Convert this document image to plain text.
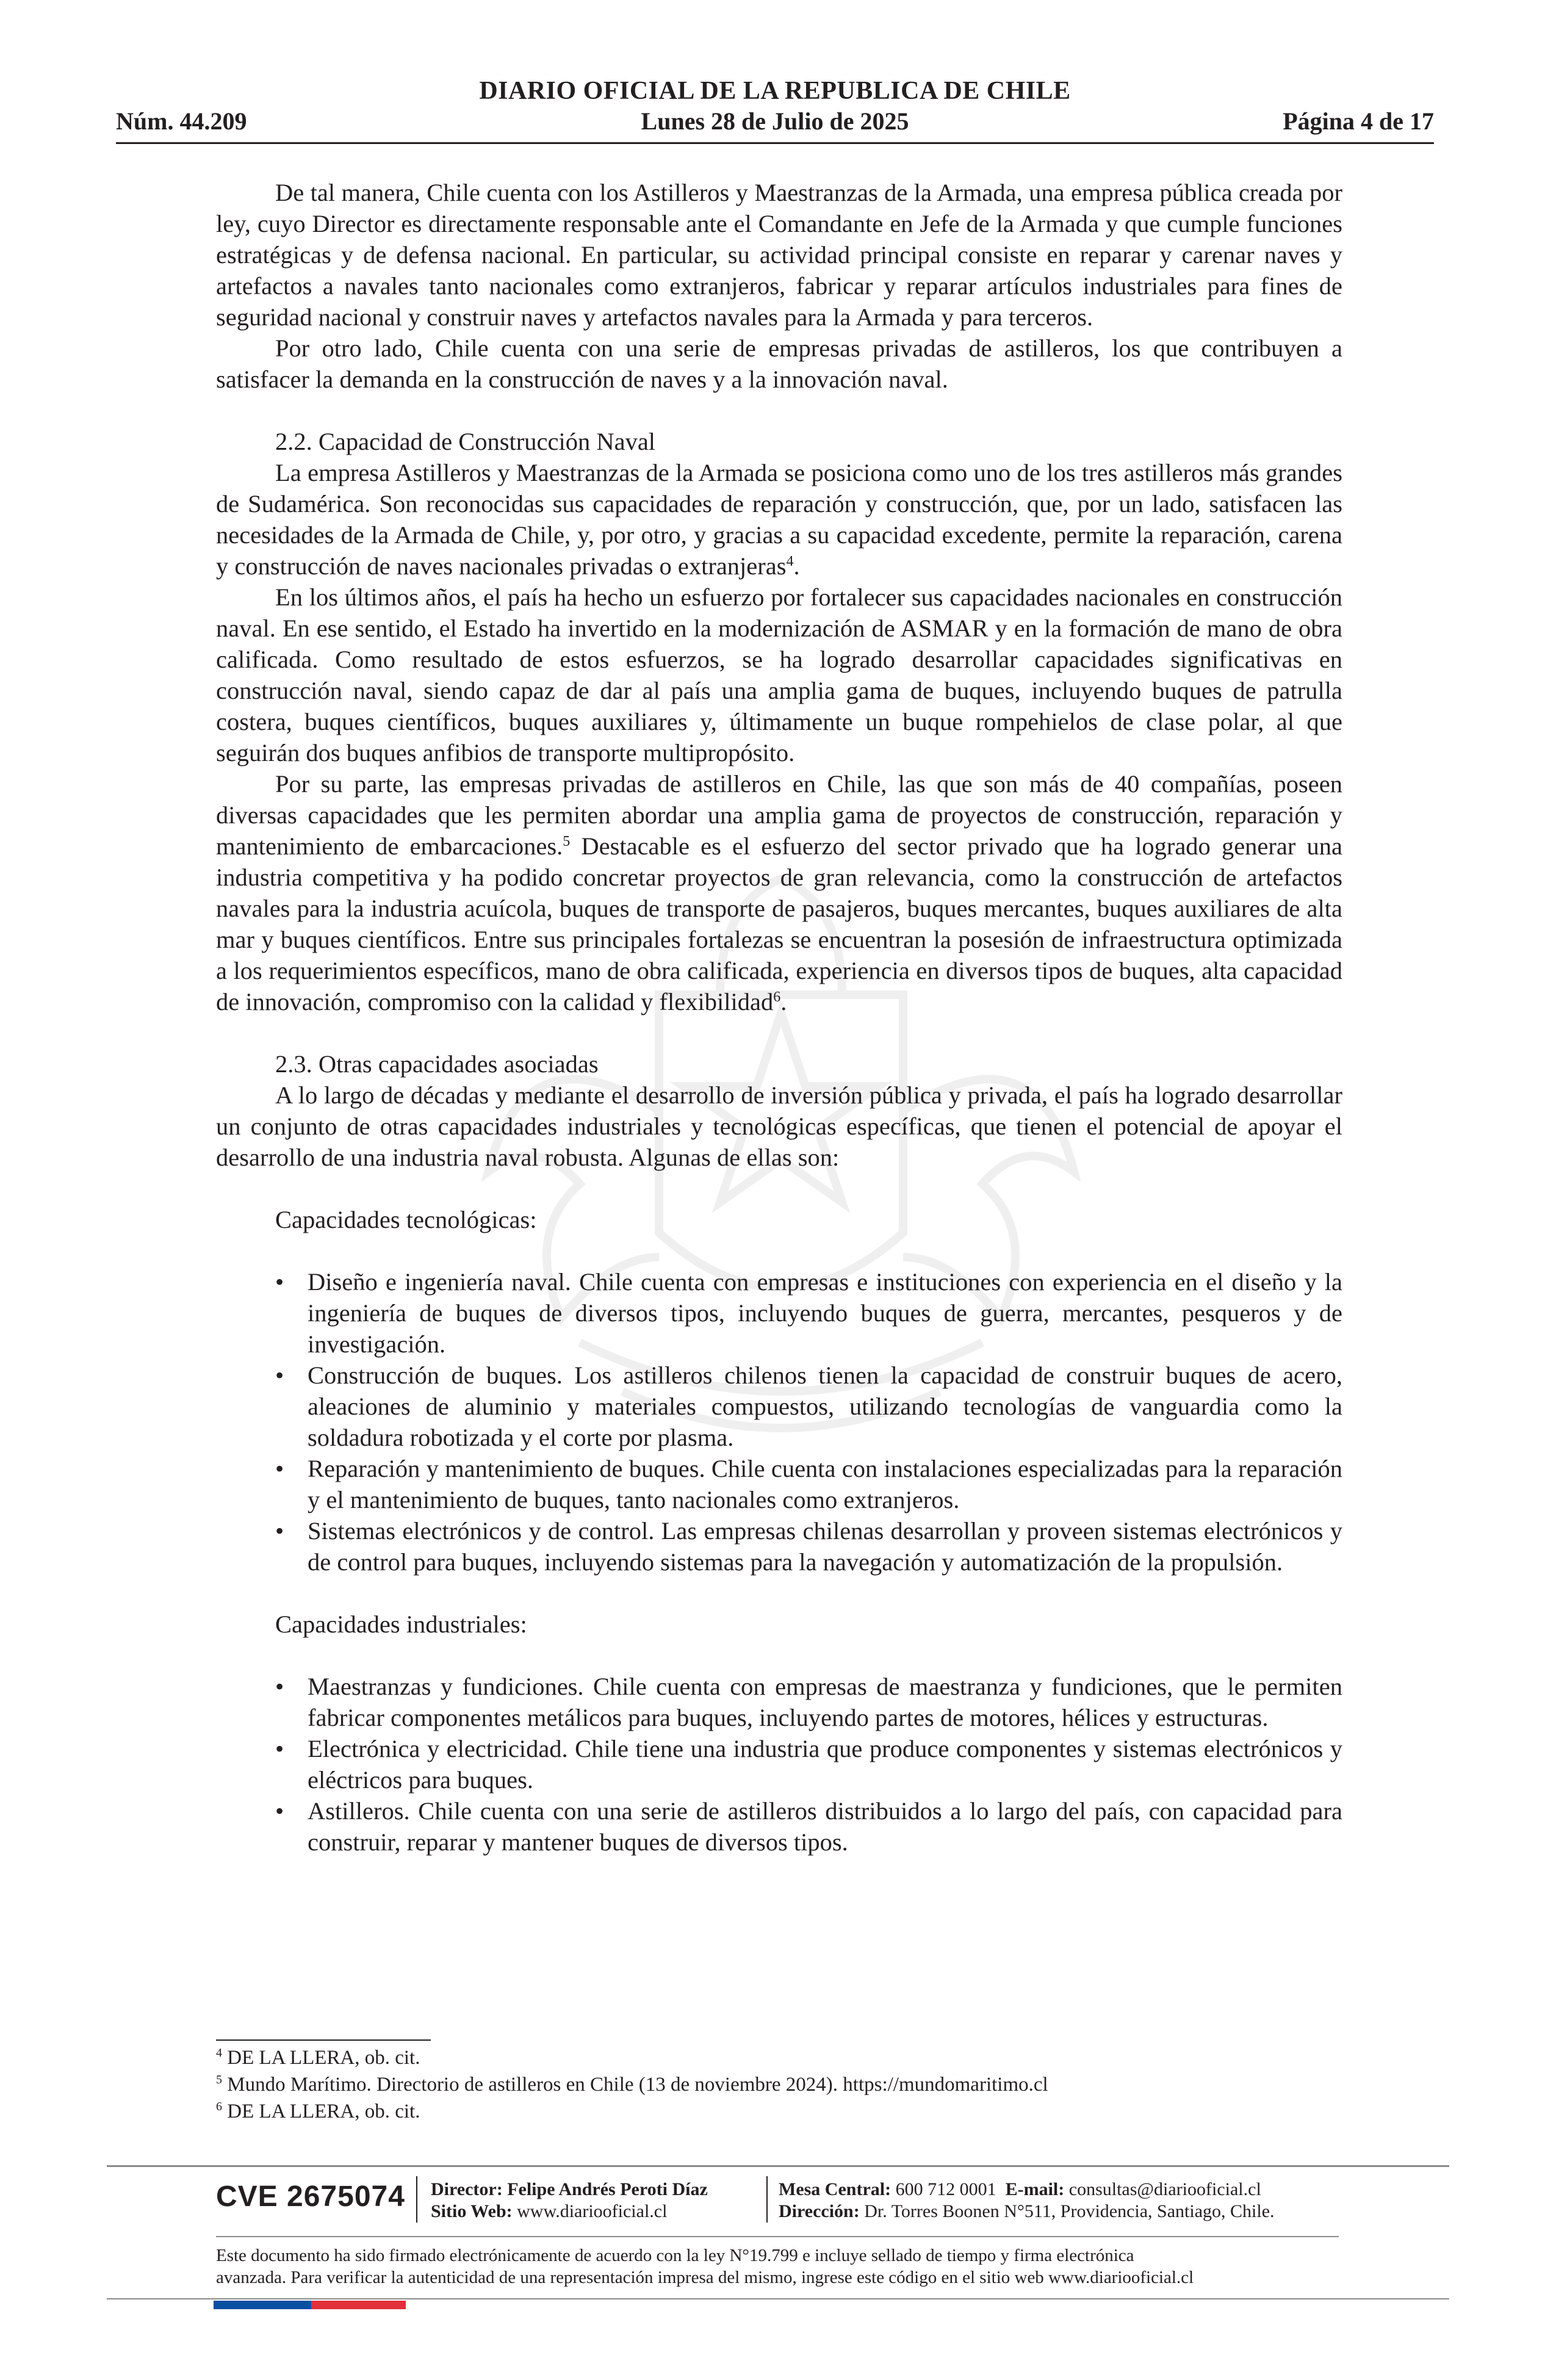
DIARIO OFICIAL DE LA REPUBLICA DE CHILE
Núm. 44.209	Lunes 28 de Julio de 2025	Página 4 de 17

De tal manera, Chile cuenta con los Astilleros y Maestranzas de la Armada, una empresa pública creada por ley, cuyo Director es directamente responsable ante el Comandante en Jefe de la Armada y que cumple funciones estratégicas y de defensa nacional. En particular, su actividad principal consiste en reparar y carenar naves y artefactos a navales tanto nacionales como extranjeros, fabricar y reparar artículos industriales para fines de seguridad nacional y construir naves y artefactos navales para la Armada y para terceros.

Por otro lado, Chile cuenta con una serie de empresas privadas de astilleros, los que contribuyen a satisfacer la demanda en la construcción de naves y a la innovación naval.

2.2. Capacidad de Construcción Naval

La empresa Astilleros y Maestranzas de la Armada se posiciona como uno de los tres astilleros más grandes de Sudamérica. Son reconocidas sus capacidades de reparación y construcción, que, por un lado, satisfacen las necesidades de la Armada de Chile, y, por otro, y gracias a su capacidad excedente, permite la reparación, carena y construcción de naves nacionales privadas o extranjeras$^4$.

En los últimos años, el país ha hecho un esfuerzo por fortalecer sus capacidades nacionales en construcción naval. En ese sentido, el Estado ha invertido en la modernización de ASMAR y en la formación de mano de obra calificada. Como resultado de estos esfuerzos, se ha logrado desarrollar capacidades significativas en construcción naval, siendo capaz de dar al país una amplia gama de buques, incluyendo buques de patrulla costera, buques científicos, buques auxiliares y, últimamente un buque rompehielos de clase polar, al que seguirán dos buques anfibios de transporte multipropósito.

Por su parte, las empresas privadas de astilleros en Chile, las que son más de 40 compañías, poseen diversas capacidades que les permiten abordar una amplia gama de proyectos de construcción, reparación y mantenimiento de embarcaciones.$^5$ Destacable es el esfuerzo del sector privado que ha logrado generar una industria competitiva y ha podido concretar proyectos de gran relevancia, como la construcción de artefactos navales para la industria acuícola, buques de transporte de pasajeros, buques mercantes, buques auxiliares de alta mar y buques científicos. Entre sus principales fortalezas se encuentran la posesión de infraestructura optimizada a los requerimientos específicos, mano de obra calificada, experiencia en diversos tipos de buques, alta capacidad de innovación, compromiso con la calidad y flexibilidad$^6$.

2.3. Otras capacidades asociadas

A lo largo de décadas y mediante el desarrollo de inversión pública y privada, el país ha logrado desarrollar un conjunto de otras capacidades industriales y tecnológicas específicas, que tienen el potencial de apoyar el desarrollo de una industria naval robusta. Algunas de ellas son:

Capacidades tecnológicas:
• Diseño e ingeniería naval. Chile cuenta con empresas e instituciones con experiencia en el diseño y la ingeniería de buques de diversos tipos, incluyendo buques de guerra, mercantes, pesqueros y de investigación.
• Construcción de buques. Los astilleros chilenos tienen la capacidad de construir buques de acero, aleaciones de aluminio y materiales compuestos, utilizando tecnologías de vanguardia como la soldadura robotizada y el corte por plasma.
• Reparación y mantenimiento de buques. Chile cuenta con instalaciones especializadas para la reparación y el mantenimiento de buques, tanto nacionales como extranjeros.
• Sistemas electrónicos y de control. Las empresas chilenas desarrollan y proveen sistemas electrónicos y de control para buques, incluyendo sistemas para la navegación y automatización de la propulsión.
Capacidades industriales:
• Maestranzas y fundiciones. Chile cuenta con empresas de maestranza y fundiciones, que le permiten fabricar componentes metálicos para buques, incluyendo partes de motores, hélices y estructuras.
• Electrónica y electricidad. Chile tiene una industria que produce componentes y sistemas electrónicos y eléctricos para buques.
• Astilleros. Chile cuenta con una serie de astilleros distribuidos a lo largo del país, con capacidad para construir, reparar y mantener buques de diversos tipos.
$^4$ DE LA LLERA, ob. cit.
$^5$ Mundo Marítimo. Directorio de astilleros en Chile (13 de noviembre 2024). https://mundomaritimo.cl
$^6$ DE LA LLERA, ob. cit.
CVE 2675074 Director: Felipe Andrés Peroti Díaz
Sitio Web: www.diariooficial.cl
Mesa Central: 600 712 0001 E-mail: consultas@diariooficial.cl
Dirección: Dr. Torres Boonen N°511, Providencia, Santiago, Chile.
Este documento ha sido firmado electrónicamente de acuerdo con la ley N°19.799 e incluye sellado de tiempo y firma electrónica
avanzada. Para verificar la autenticidad de una representación impresa del mismo, ingrese este código en el sitio web www.diariooficial.cl
